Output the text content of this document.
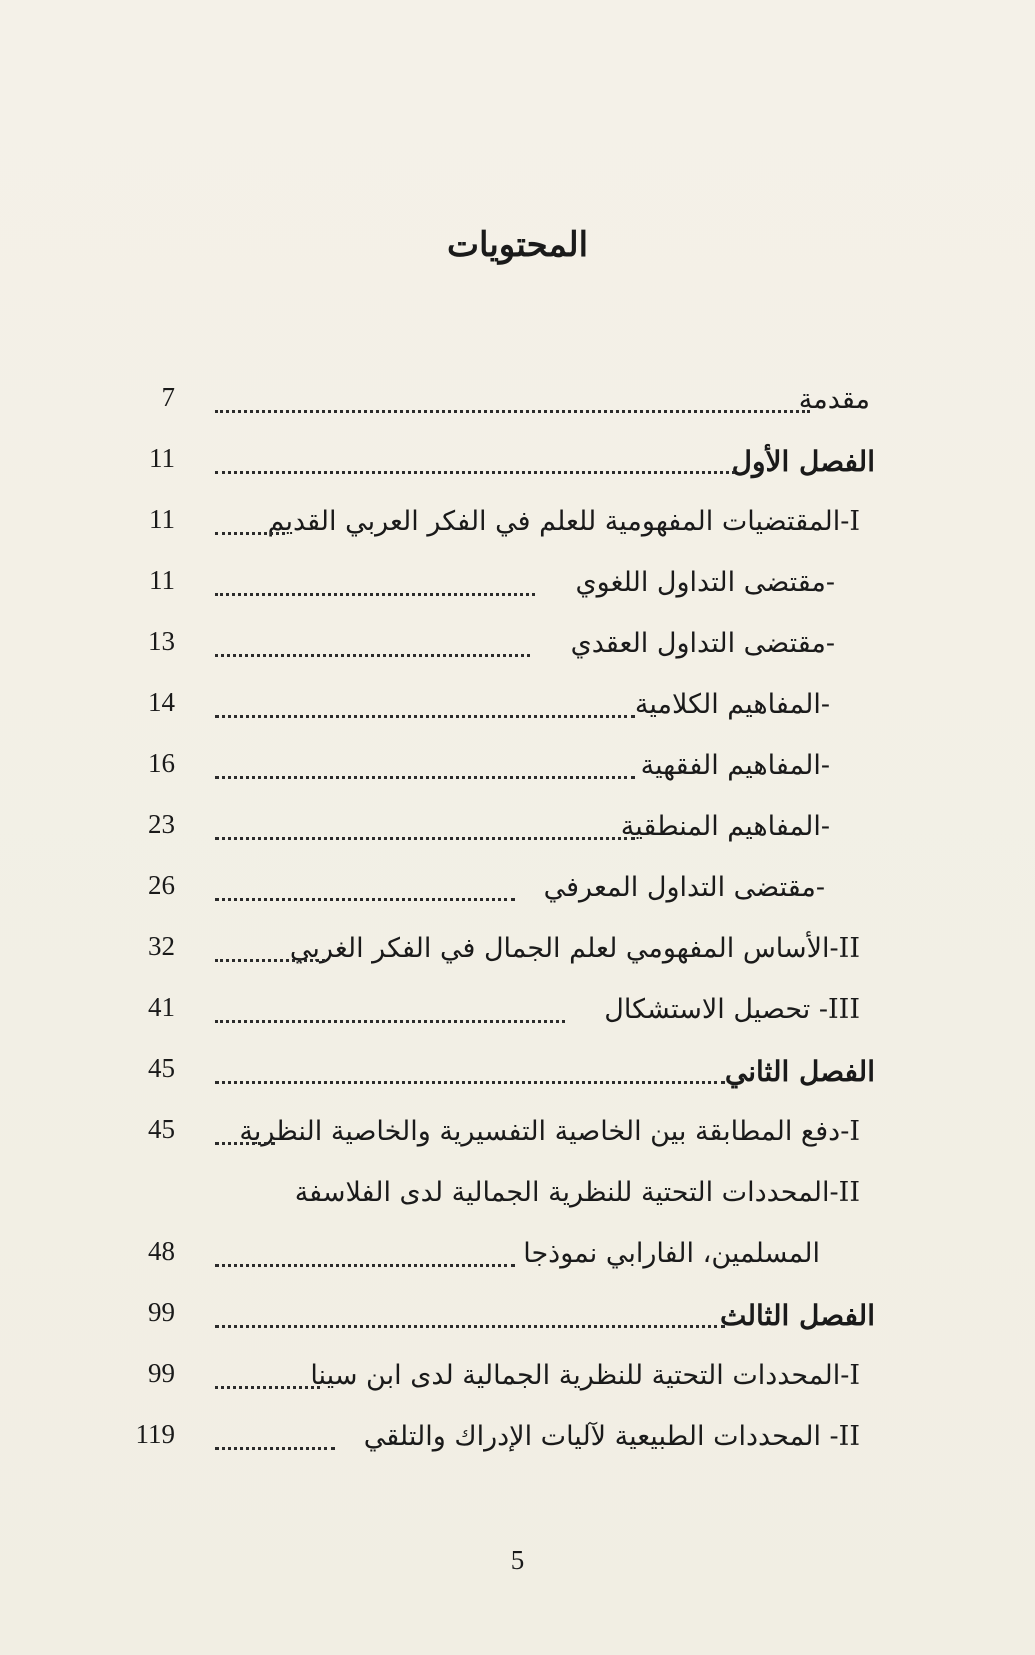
المحتويات
مقدمة
7
الفصل الأول
11
I-المقتضيات المفهومية للعلم في الفكر العربي القديم
11
-مقتضى التداول اللغوي
11
-مقتضى التداول العقدي
13
-المفاهيم الكلامية
14
-المفاهيم الفقهية
16
-المفاهيم المنطقية
23
-مقتضى التداول المعرفي
26
II-الأساس المفهومي لعلم الجمال في الفكر الغربي
32
III- تحصيل الاستشكال
41
الفصل الثاني
45
I-دفع المطابقة بين الخاصية التفسيرية والخاصية النظرية
45
II-المحددات التحتية للنظرية الجمالية لدى الفلاسفة
المسلمين، الفارابي نموذجا
48
الفصل الثالث
99
I-المحددات التحتية للنظرية الجمالية لدى ابن سينا
99
II- المحددات الطبيعية لآليات الإدراك والتلقي
119
5
